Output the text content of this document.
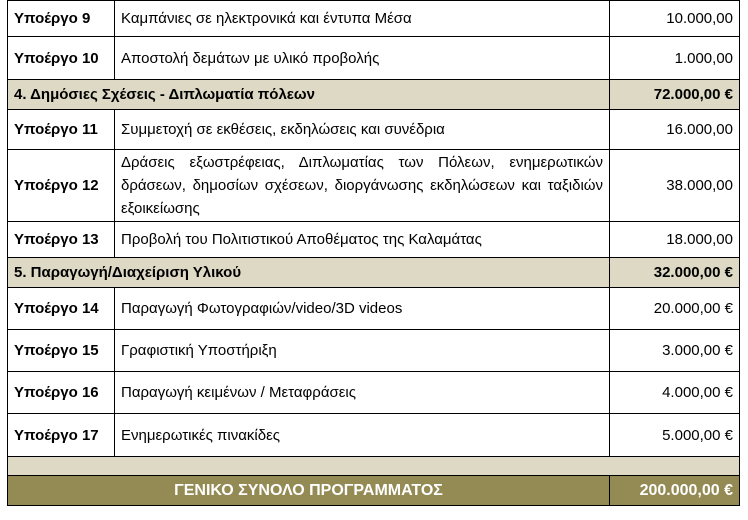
Υποέργο 9	Καμπάνιες σε ηλεκτρονικά και έντυπα Μέσα	10.000,00
Υποέργο 10	Αποστολή δεμάτων με υλικό προβολής	1.000,00
4. Δημόσιες Σχέσεις - Διπλωματία πόλεων		72.000,00 €
Υποέργο 11	Συμμετοχή σε εκθέσεις, εκδηλώσεις και συνέδρια	16.000,00
Υποέργο 12	Δράσεις εξωστρέφειας, Διπλωματίας των Πόλεων, ενημερωτικών δράσεων, δημοσίων σχέσεων, διοργάνωσης εκδηλώσεων και ταξιδιών εξοικείωσης	38.000,00
Υποέργο 13	Προβολή του Πολιτιστικού Αποθέματος της Καλαμάτας	18.000,00
5. Παραγωγή/Διαχείριση Υλικού		32.000,00 €
Υποέργο 14	Παραγωγή Φωτογραφιών/video/3D videos	20.000,00 €
Υποέργο 15	Γραφιστική Υποστήριξη	3.000,00 €
Υποέργο 16	Παραγωγή κειμένων / Μεταφράσεις	4.000,00 €
Υποέργο 17	Ενημερωτικές πινακίδες	5.000,00 €

ΓΕΝΙΚΟ ΣΥΝΟΛΟ ΠΡΟΓΡΑΜΜΑΤΟΣ		200.000,00 €
